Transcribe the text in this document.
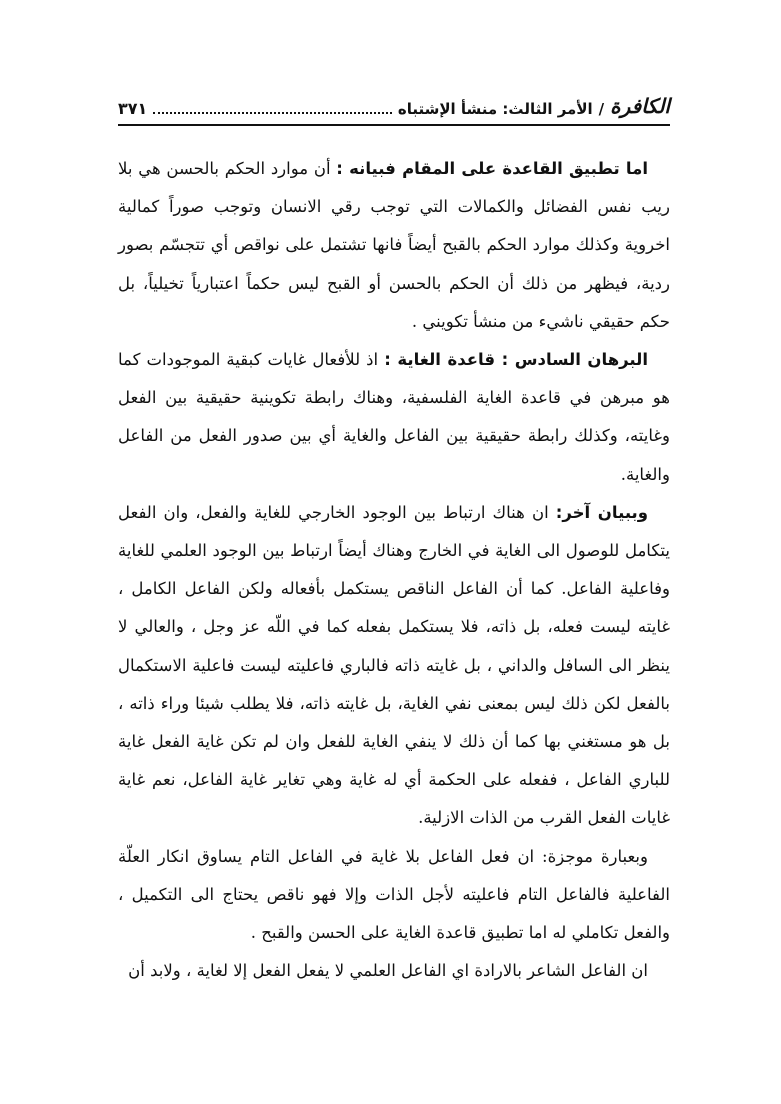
الكافرة
/
الأمر الثالث: منشأ الإشتباه
٣٧١

اما تطبيق القاعدة على المقام فبيانه : أن موارد الحكم بالحسن هي بلا ريب نفس الفضائل والكمالات التي توجب رقي الانسان وتوجب صوراً كمالية اخروية وكذلك موارد الحكم بالقبح أيضاً فانها تشتمل على نواقص أي تتجسّم بصور ردية، فيظهر من ذلك أن الحكم بالحسن أو القبح ليس حكماً اعتبارياً تخيلياً، بل حكم حقيقي ناشيء من منشأ تكويني .

البرهان السادس : قاعدة الغاية : اذ للأفعال غايات كبقية الموجودات كما هو مبرهن في قاعدة الغاية الفلسفية، وهناك رابطة تكوينية حقيقية بين الفعل وغايته، وكذلك رابطة حقيقية بين الفاعل والغاية أي بين صدور الفعل من الفاعل والغاية.

وببيان آخر: ان هناك ارتباط بين الوجود الخارجي للغاية والفعل، وان الفعل يتكامل للوصول الى الغاية في الخارج وهناك أيضاً ارتباط بين الوجود العلمي للغاية وفاعلية الفاعل. كما أن الفاعل الناقص يستكمل بأفعاله ولكن الفاعل الكامل ، غايته ليست فعله، بل ذاته، فلا يستكمل بفعله كما في اللّه عز وجل ، والعالي لا ينظر الى السافل والداني ، بل غايته ذاته فالباري فاعليته ليست فاعلية الاستكمال بالفعل لكن ذلك ليس بمعنى نفي الغاية، بل غايته ذاته، فلا يطلب شيئا وراء ذاته ، بل هو مستغني بها كما أن ذلك لا ينفي الغاية للفعل وان لم تكن غاية الفعل غاية للباري الفاعل ، ففعله على الحكمة أي له غاية وهي تغاير غاية الفاعل، نعم غاية غايات الفعل القرب من الذات الازلية.

وبعبارة موجزة: ان فعل الفاعل بلا غاية في الفاعل التام يساوق انكار العلّة الفاعلية فالفاعل التام فاعليته لأجل الذات وإلا فهو ناقص يحتاج الى التكميل ، والفعل تكاملي له اما تطبيق قاعدة الغاية على الحسن والقبح .

ان الفاعل الشاعر بالارادة اي الفاعل العلمي لا يفعل الفعل إلا لغاية ، ولابد أن
